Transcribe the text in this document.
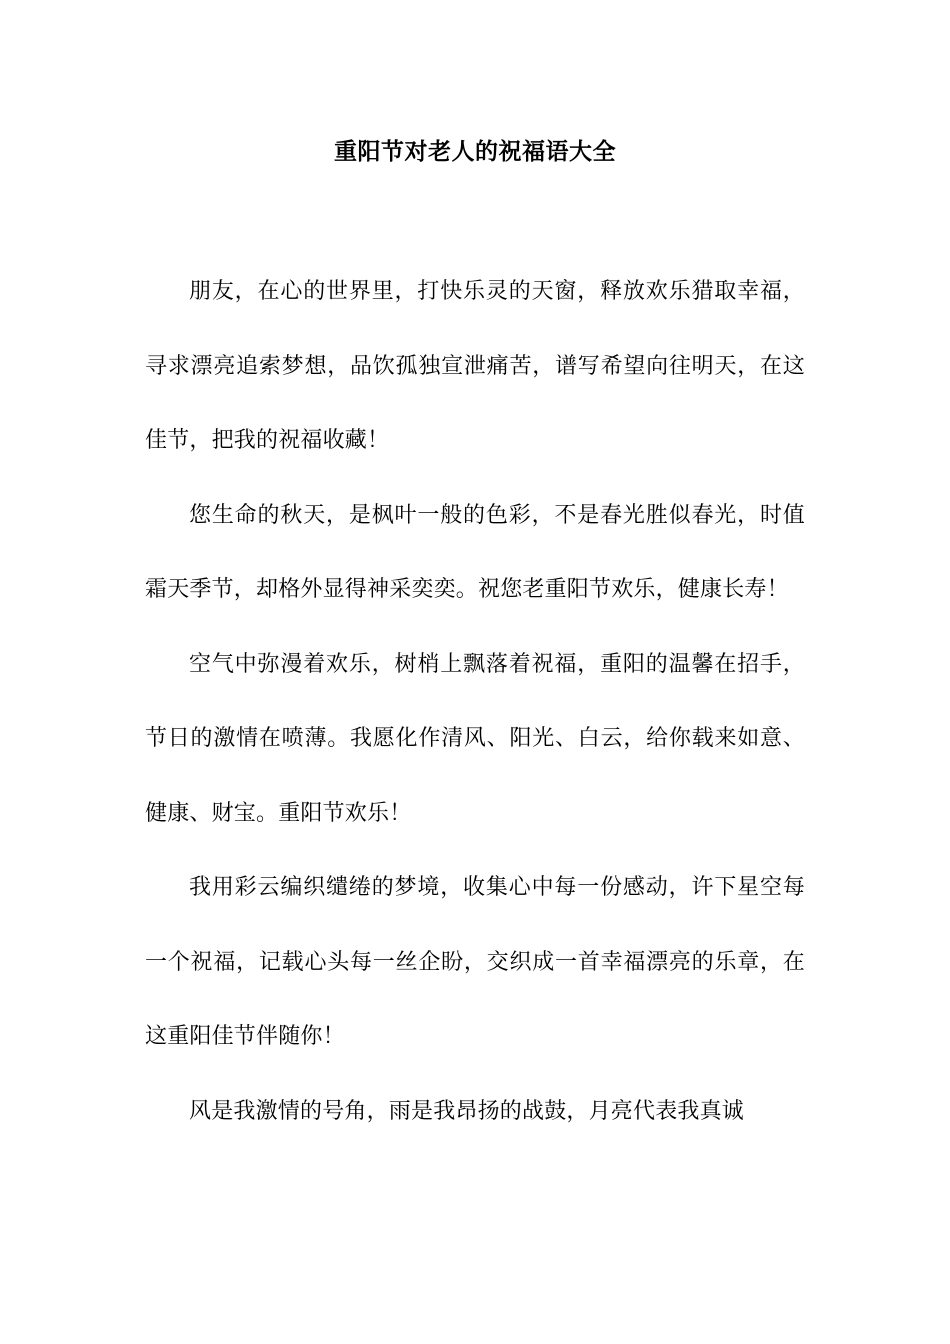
重阳节对老人的祝福语大全

朋友，在心的世界里，打快乐灵的天窗，释放欢乐猎取幸福，寻求漂亮追索梦想，品饮孤独宣泄痛苦，谱写希望向往明天，在这佳节，把我的祝福收藏！

您生命的秋天，是枫叶一般的色彩，不是春光胜似春光，时值霜天季节，却格外显得神采奕奕。祝您老重阳节欢乐，健康长寿！

空气中弥漫着欢乐，树梢上飘落着祝福，重阳的温馨在招手，节日的激情在喷薄。我愿化作清风、阳光、白云，给你载来如意、健康、财宝。重阳节欢乐！

我用彩云编织缱绻的梦境，收集心中每一份感动，许下星空每一个祝福，记载心头每一丝企盼，交织成一首幸福漂亮的乐章，在这重阳佳节伴随你！

风是我激情的号角，雨是我昂扬的战鼓，月亮代表我真诚
